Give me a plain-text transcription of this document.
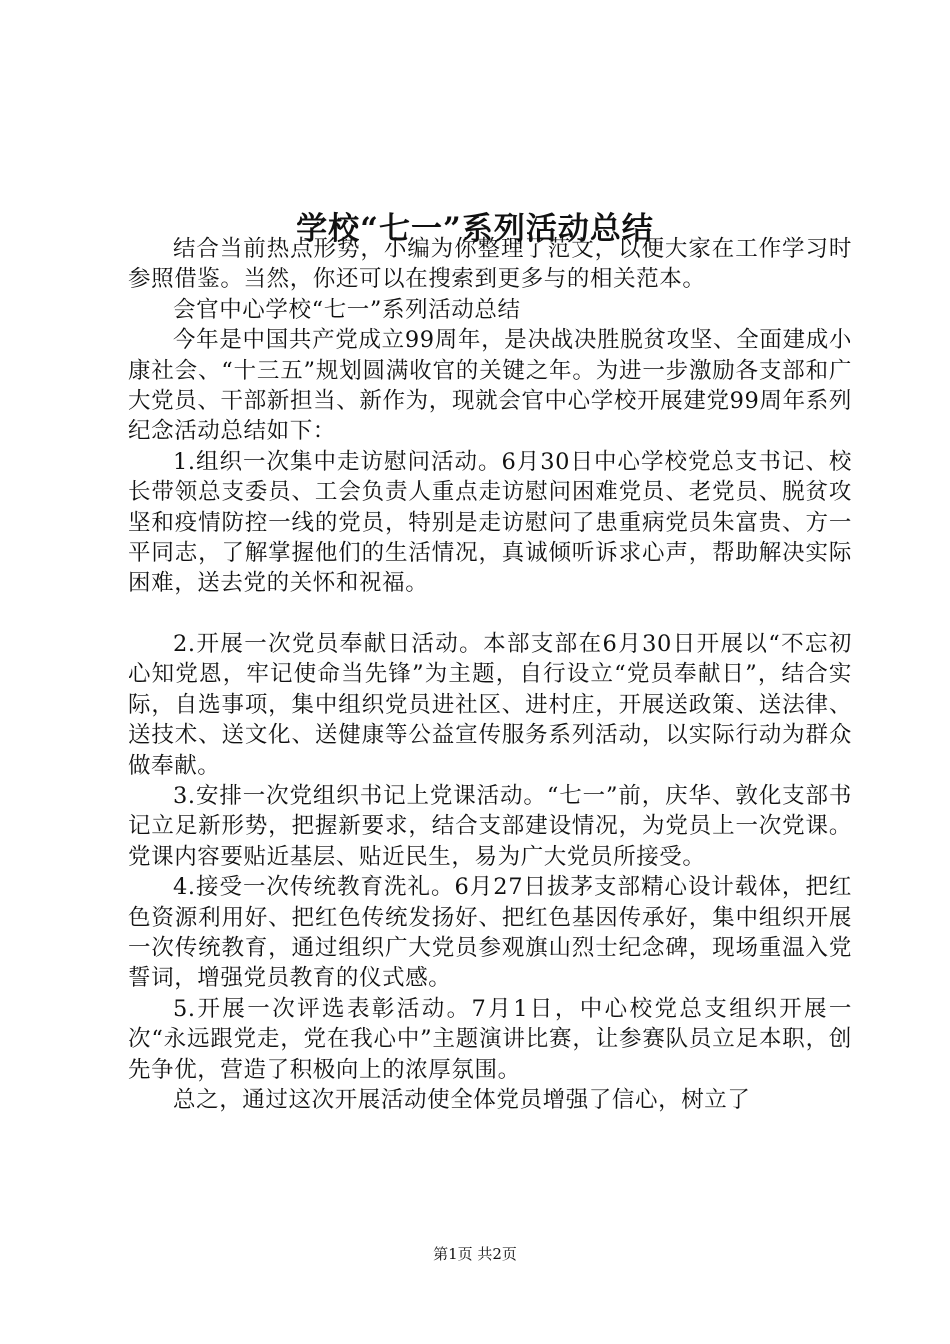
学校“七一”系列活动总结

结合当前热点形势，小编为你整理了范文，以便大家在工作学习时参照借鉴。当然，你还可以在搜索到更多与的相关范本。

会官中心学校“七一”系列活动总结

今年是中国共产党成立99周年，是决战决胜脱贫攻坚、全面建成小康社会、“十三五”规划圆满收官的关键之年。为进一步激励各支部和广大党员、干部新担当、新作为，现就会官中心学校开展建党99周年系列纪念活动总结如下：

1.组织一次集中走访慰问活动。6月30日中心学校党总支书记、校长带领总支委员、工会负责人重点走访慰问困难党员、老党员、脱贫攻坚和疫情防控一线的党员，特别是走访慰问了患重病党员朱富贵、方一平同志，了解掌握他们的生活情况，真诚倾听诉求心声，帮助解决实际困难，送去党的关怀和祝福。

2.开展一次党员奉献日活动。本部支部在6月30日开展以“不忘初心知党恩，牢记使命当先锋”为主题，自行设立“党员奉献日”，结合实际，自选事项，集中组织党员进社区、进村庄，开展送政策、送法律、送技术、送文化、送健康等公益宣传服务系列活动，以实际行动为群众做奉献。

3.安排一次党组织书记上党课活动。“七一”前，庆华、敦化支部书记立足新形势，把握新要求，结合支部建设情况，为党员上一次党课。党课内容要贴近基层、贴近民生，易为广大党员所接受。

4.接受一次传统教育洗礼。6月27日拔茅支部精心设计载体，把红色资源利用好、把红色传统发扬好、把红色基因传承好，集中组织开展一次传统教育，通过组织广大党员参观旗山烈士纪念碑，现场重温入党誓词，增强党员教育的仪式感。

5.开展一次评选表彰活动。7月1日，中心校党总支组织开展一次“永远跟党走，党在我心中”主题演讲比赛，让参赛队员立足本职，创先争优，营造了积极向上的浓厚氛围。

总之，通过这次开展活动使全体党员增强了信心，树立了

第1页 共2页
